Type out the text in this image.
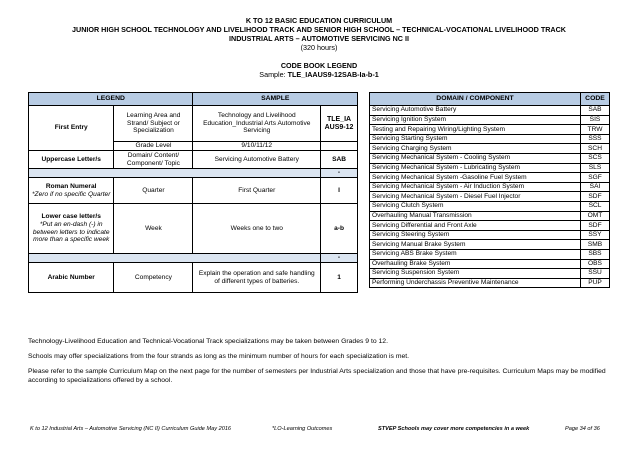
K TO 12 BASIC EDUCATION CURRICULUM
JUNIOR HIGH SCHOOL TECHNOLOGY AND LIVELIHOOD TRACK AND SENIOR HIGH SCHOOL – TECHNICAL-VOCATIONAL LIVELIHOOD TRACK
INDUSTRIAL ARTS – AUTOMOTIVE SERVICING NC II
(320 hours)
CODE BOOK LEGEND
Sample: TLE_IAAUS9-12SAB-Ia-b-1
LEGEND		SAMPLE	
First Entry	Learning Area and Strand/ Subject or Specialization	Technology and Livelihood Education_Industrial Arts Automotive Servicing	TLE_IA AUS9-12
	Grade Level	9/10/11/12	
Uppercase Letter/s	Domain/ Content/ Component/ Topic	Servicing Automotive Battery	SAB
			-

Roman Numeral
*Zero if no specific Quarter	Quarter	First Quarter	I

Lower case letter/s
*Put an en-dash (-) in between letters to indicate more than a specific week	Week	Weeks one to two	a-b
			-
Arabic Number	Competency	Explain the operation and safe handling of different types of batteries.	1
DOMAIN / COMPONENT	CODE
Servicing Automotive Battery	SAB
Servicing Ignition System	SIS
Testing and Repairing Wiring/Lighting System	TRW
Servicing Starting System	SSS
Servicing Charging System	SCH
Servicing Mechanical System - Cooling System	SCS
Servicing Mechanical System - Lubricating System	SLS
Servicing Mechanical System -Gasoline Fuel System	SGF
Servicing Mechanical System - Air Induction System	SAI
Servicing Mechanical System - Diesel Fuel Injector	SDF
Servicing Clutch System	SCL
Overhauling Manual Transmission	OMT
Servicing Differential and Front Axle	SDF
Servicing Steering System	SSY
Servicing Manual Brake System	SMB
Servicing ABS Brake System	SBS
Overhauling Brake System	OBS
Servicing Suspension System	SSU
Performing Underchassis Preventive Maintenance	PUP
Technology-Livelihood Education and Technical-Vocational Track specializations may be taken between Grades 9 to 12.
Schools may offer specializations from the four strands as long as the minimum number of hours for each specialization is met.
Please refer to the sample Curriculum Map on the next page for the number of semesters per Industrial Arts specialization and those that have pre-requisites. Curriculum Maps may be modified according to specializations offered by a school.
K to 12 Industrial Arts – Automotive Servicing (NC II) Curriculum Guide May 2016	*LO-Learning Outcomes	STVEP Schools may cover more competencies in a week	Page 34 of 36
